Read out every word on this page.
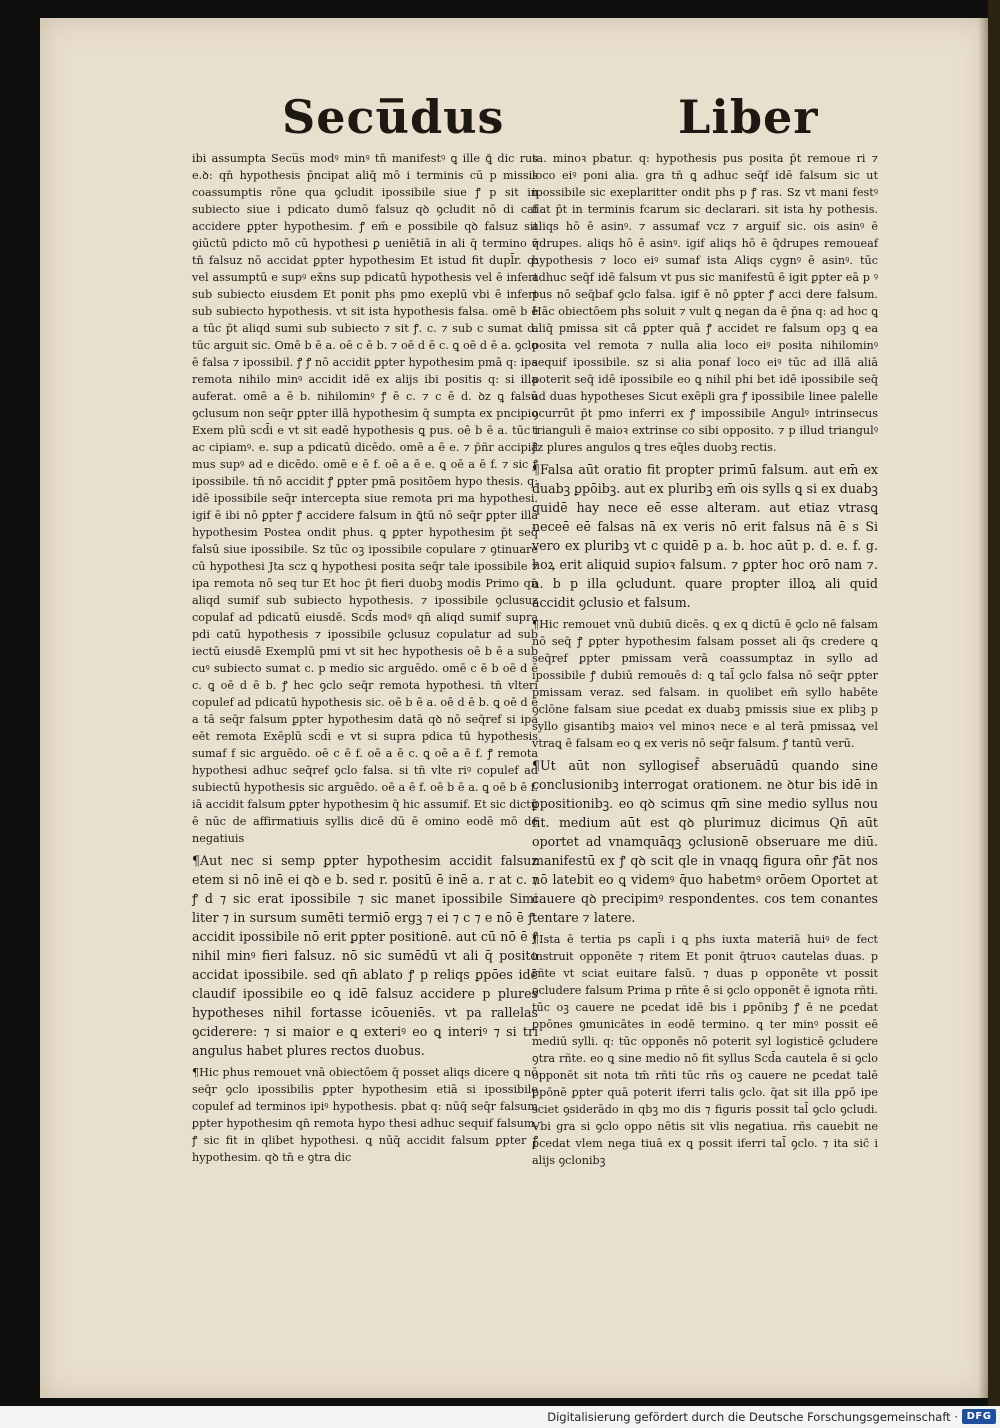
Secu̅dus	Liber

ibi assumpta Secu̅s modꝰ minꝰ tn̄ manifestꝰ ꝗ ille ꝗ̄ dic rus e.ꝺ: qn̄ hypothesis p̄ncipat aliq̄ mō i terminis cū p missis coassumptis rōne qua ꝯcludit ipossibile siue ꝭ p sit in subiecto siue i pdicato dumō falsuz qꝺ ꝯcludit nō di caf accidere ꝑpter hypothesim. ꝭ em̄ e possibile qꝺ falsuz sit ꝯiūctū pdicto mō cū hypothesi ꝑ ueniētiā in ali q̄ termino ⁊ tn̄ falsuz nō accidat ꝑpter hypothesim Et istud fit dupl̄r. q: vel assumptū e supꝰ ex̄ns sup pdicatū hypothesis vel ē infert sub subiecto eiusdem Et ponit phs pmo exeplū vbi ē infert sub subiecto hypothesis. vt sit ista hypothesis falsa. omē b ē a tūc p̄t aliqd sumi sub subiecto ⁊ sit ꝭ. c. ⁊ sub c sumat d. tūc arguit sic. Omē b ē a. oē c ē b. ⁊ oē d ē c. ꝗ oē d ē a. ꝯclo ē falsa ⁊ ipossibil. ꝭ ꝭ nō accidit ꝑpter hypothesim pmā q: ipa remota nihilo minꝰ accidit idē ex alijs ibi positis q: si illa auferat. omē a ē b. nihilominꝰ ꝭ ē c. ⁊ c ē d. ꝺz ꝗ falsū ꝯclusum non seq̄r ꝑpter illā hypothesim q̄ sumpta ex pncipio Exem plū scd̄i e vt sit eadē hypothesis ꝗ pus. oē b ē a. tūc i ac cipiamꝰ. e. sup a pdicatū dicēdo. omē a ē e. ⁊ p̄ñr accipiā mus supꝰ ad e dicēdo. omē e ē f. oē a ē e. ꝗ oē a ē f. ⁊ sic ꝭ ipossibile. tn̄ nō accidit ꝭ ꝑpter pmā positōem hypo thesis. q: idē ipossibile seq̄r intercepta siue remota pri ma hypothesi. igif ē ibi nō ꝑpter ꝭ accidere falsum in ꝗ̄tū nō seq̄r ꝑpter illā hypothesim Postea ondit phus. ꝗ ꝑpter hypothesim p̄t seq̄ falsū siue ipossibile. Sz tūc oꝫ ipossibile copulare ⁊ ꝯtinuare cū hypothesi Jta scz ꝗ hypothesi posita seq̄r tale ipossibile ⁊ ipa remota nō seq tur Et hoc p̄t fieri duobꝫ modis Primo qn̄ aliqd sumif sub subiecto hypothesis. ⁊ ipossibile ꝯclusuz copulaf ad pdicatū eiusdē. Scd̄s modꝰ qn̄ aliqd sumif supra pdi catū hypothesis ⁊ ipossibile ꝯclusuz copulatur ad sub iectū eiusdē Exemplū pmi vt sit hec hypothesis oē b ē a sub cuꝰ subiecto sumat c. p medio sic arguēdo. omē c ē b oē d ē c. ꝗ oē d ē b. ꝭ hec ꝯclo seq̄r remota hypothesi. tn̄ vlteri copulef ad pdicatū hypothesis sic. oē b ē a. oē d ē b. ꝗ oē d ē a tā seq̄r falsum ꝑpter hypothesim datā qꝺ nō seq̄ref si ipa eēt remota Exēplū scd̄i e vt si supra pdica tū hypothesis sumaf f sic arguēdo. oē c ē f. oē a ē c. ꝗ oē a ē f. ꝭ remota hypothesi adhuc seq̄ref ꝯclo falsa. si tn̄ vlte riꝰ copulef ad subiectū hypothesis sic arguēdo. oē a ē f. oē b ē a. ꝗ oē b ē f. iā accidit falsum ꝑpter hypothesim q̄ hic assumif. Et sic dictū ē nūc de affirmatiuis syllis dicē dū ē omino eodē mō de negatiuis

¶Aut nec si semp ꝑpter hypothesim accidit falsuz etem si nō inē ei qꝺ e b. sed r. positū ē inē a. r at c. ⁊ ꝭ d ⁊ sic erat ipossibile ⁊ sic manet ipossibile Simi liter ⁊ in sursum sumēti termiō ergꝫ ⁊ ei ⁊ c ⁊ e nō ē ꝭ. accidit ipossibile nō erit ꝑpter positionē. aut cū nō ē ꝭ nihil minꝰ fieri falsuz. nō sic sumēdū vt ali q̄ posito accidat ipossibile. sed qn̄ ablato ꝭ p reliqs ꝑpōes idē claudif ipossibile eo ꝗ idē falsuz accidere p plures hypotheses nihil fortasse icōueniēs. vt pa rallelas ꝯciderere: ⁊ si maior e ꝗ exteriꝰ eo ꝗ interiꝰ ⁊ si tri angulus habet plures rectos duobus.

¶Hic phus remouet vnā obiectōem q̄ posset aliqs dicere ꝗ nō seq̄r ꝯclo ipossibilis ꝑpter hypothesim etiā si ipossibile copulef ad terminos ipiꝰ hypothesis. pbat q: nūq̄ seq̄r falsum ꝑpter hypothesim qn̄ remota hypo thesi adhuc sequif falsum. ꝭ sic fit in qlibet hypothesi. ꝗ nūq̄ accidit falsum ꝑpter ꝭ hypothesim. qꝺ tn̄ e ꝯtra dic

ta. minoꝛ pbatur. q: hypothesis pus posita p̄t remoue ri ⁊ loco eiꝰ poni alia. gra tn̄ ꝗ adhuc seq̄f idē falsum sic ut ipossibile sic exeplaritter ondit phs p ꝭ ras. Sz vt mani festꝰ fiat p̄t in terminis fcarum sic declarari. sit ista hy pothesis. aliqs hō ē asinꝰ. ⁊ assumaf vcz ⁊ arguif sic. ois asinꝰ ē q̄drupes. aliqs hō ē asinꝰ. igif aliqs hō ē q̄drupes remoueaf hypothesis ⁊ loco eiꝰ sumaf ista Aliqs cygnꝰ ē asinꝰ. tūc adhuc seq̄f idē falsum vt pus sic manifestū ē igit ꝑpter eā p ꝰ pus nō seq̄baf ꝯclo falsa. igif ē nō ꝑpter ꝭ acci dere falsum. Hāc obiectōem phs soluit ⁊ vult ꝗ negan da ē p̄na q: ad hoc ꝗ aliq̄ pmissa sit cā ꝑpter quā ꝭ accidet re falsum opꝫ ꝗ ea posita vel remota ⁊ nulla alia loco eiꝰ posita nihilominꝰ sequif ipossibile. sz si alia ponaf loco eiꝰ tūc ad illā aliā poterit seq̄ idē ipossibile eo ꝗ nihil phi bet idē ipossibile seq̄ ad duas hypotheses Sicut exēpli gra ꝭ ipossibile linee palelle ꝯcurrūt p̄t pmo inferri ex ꝭ impossibile Angulꝰ intrinsecus trianguli ē maioꝛ extrinse co sibi opposito. ⁊ p illud triangulꝰ ꝭz plures angulos ꝗ tres eq̄les duobꝫ rectis.

¶Falsa aūt oratio fit propter primū falsum. aut em̄ ex duabꝫ ꝑpōibꝫ. aut ex pluribꝫ em̄ ois sylls ꝗ si ex duabꝫ quidē hay nece eē esse alteram. aut etiaz vtrasꝗ neceē eē falsas nā ex veris nō erit falsus nā ē s Si vero ex pluribꝫ vt c quidē p a. b. hoc aūt p. d. e. f. g. hoꝝ erit aliquid supioꝛ falsum. ⁊ ꝑpter hoc orō nam ⁊. a. b p illa ꝯcludunt. quare propter illoꝝ ali quid accidit ꝯclusio et falsum.

¶Hic remouet vnū dubiū dicēs. ꝗ ex ꝗ dictū ē ꝯclo nē falsam nō seq̄ ꝭ ꝑpter hypothesim falsam posset ali q̄s credere ꝗ seq̄ref ꝑpter pmissam verā coassumptaz in syllo ad ipossibile ꝭ dubiū remouēs d: ꝗ tal̄ ꝯclo falsa nō seq̄r ꝑpter pmissam veraz. sed falsam. in quolibet em̄ syllo habēte ꝯclōne falsam siue ꝑcedat ex duabꝫ pmissis siue ex plibꝫ p syllo gisantibꝫ maioꝛ vel minoꝛ nece e al terā pmissaꝝ vel vtraꝗ ē falsam eo ꝗ ex veris nō seq̄r falsum. ꝭ tantū verū.

¶Ut aūt non syllogisef̄ abseruādū quando sine conclusionibꝫ interrogat orationem. ne ꝺtur bis idē in ꝑpositionibꝫ. eo qꝺ scimus qm̄ sine medio syllus nou fit. medium aūt est qꝺ plurimuz dicimus Qn̄ aūt oportet ad vnamquāqꝫ ꝯclusionē obseruare me diū. manifestū ex ꝭ qꝺ scit qle in vnaqꝗ figura on̄r ꝭāt nos nō latebit eo ꝗ videmꝰ q̄uo habetmꝰ orōem Oportet at cauere qꝺ precipimꝰ respondentes. cos tem conantes tentare ⁊ latere.

¶Ista ē tertia ps capl̄i i ꝗ phs iuxta materiā huiꝰ de fect instruit opponēte ⁊ ritem Et ponit q̄truoꝛ cautelas duas. p rñte vt sciat euitare falsū. ⁊ duas p opponēte vt possit ꝯcludere falsum Prima p rñte ē si ꝯclo opponēt ē ignota rñti. tūc oꝫ cauere ne ꝑcedat idē bis i ꝑpōnibꝫ ꝭ ē ne ꝑcedat ꝑpōnes ꝯmunicātes in eodē termino. ꝗ ter minꝰ possit eē mediū sylli. q: tūc opponēs nō poterit syl logisticē ꝯcludere ꝯtra rñte. eo ꝗ sine medio nō fit syllus Scd̄a cautela ē si ꝯclo opponēt sit nota tm̄ rñti tūc rñs oꝫ cauere ne ꝑcedat talē ꝑpōnē ꝑpter quā poterit iferri talis ꝯclo. q̄at sit illa ꝑpō ipe sciet ꝯsiderādo in qbꝫ mo dis ⁊ figuris possit tal̄ ꝯclo ꝯcludi. Vbi gra si ꝯclo oppo nētis sit vlis negatiua. rñs cauebit ne ꝑcedat vlem nega tiuā ex ꝗ possit iferri tal̄ ꝯclo. ⁊ ita sic̄ i alijs ꝯclonibꝫ

Digitalisierung gefördert durch die Deutsche Forschungsgemeinschaft · DFG
